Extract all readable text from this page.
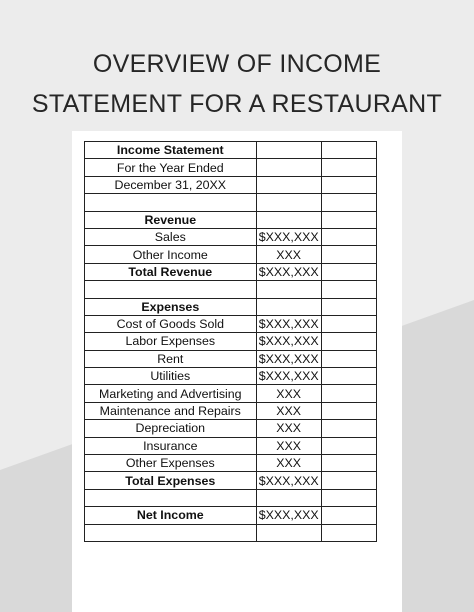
OVERVIEW OF INCOME
STATEMENT FOR A RESTAURANT
Income Statement		
For the Year Ended		
December 31, 20XX		

Revenue		
Sales	$XXX,XXX	
Other Income	XXX	
Total Revenue	$XXX,XXX	

Expenses		
Cost of Goods Sold	$XXX,XXX	
Labor Expenses	$XXX,XXX	
Rent	$XXX,XXX	
Utilities	$XXX,XXX	
Marketing and Advertising	XXX	
Maintenance and Repairs	XXX	
Depreciation	XXX	
Insurance	XXX	
Other Expenses	XXX	
Total Expenses	$XXX,XXX	

Net Income	$XXX,XXX	
